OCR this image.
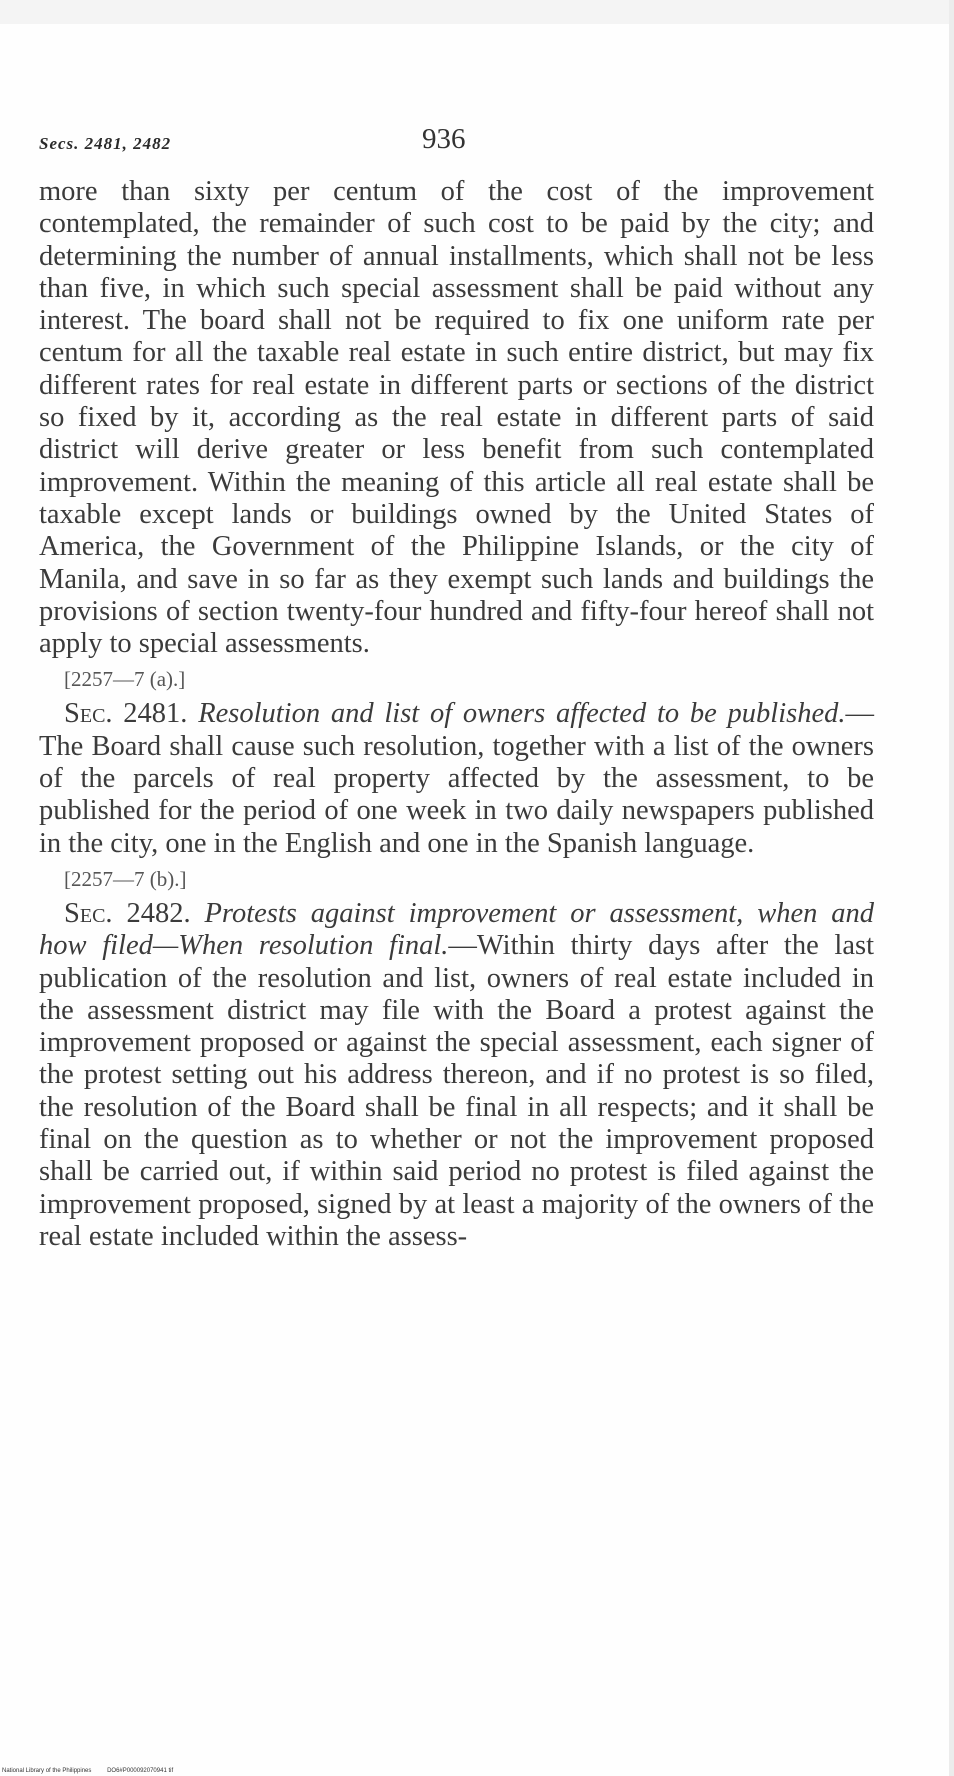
Secs. 2481, 2482	936

more than sixty per centum of the cost of the improvement contemplated, the remainder of such cost to be paid by the city; and determining the number of annual installments, which shall not be less than five, in which such special assessment shall be paid without any interest. The board shall not be required to fix one uniform rate per centum for all the taxable real estate in such entire district, but may fix different rates for real estate in different parts or sections of the district so fixed by it, according as the real estate in different parts of said district will derive greater or less benefit from such contemplated improvement. Within the meaning of this article all real estate shall be taxable except lands or buildings owned by the United States of America, the Government of the Philippine Islands, or the city of Manila, and save in so far as they exempt such lands and buildings the provisions of section twenty-four hundred and fifty-four hereof shall not apply to special assessments.

[2257—7 (a).]

Sec. 2481. Resolution and list of owners affected to be published.—The Board shall cause such resolution, together with a list of the owners of the parcels of real property affected by the assessment, to be published for the period of one week in two daily newspapers published in the city, one in the English and one in the Spanish language.

[2257—7 (b).]

Sec. 2482. Protests against improvement or assessment, when and how filed—When resolution final.—Within thirty days after the last publication of the resolution and list, owners of real estate included in the assessment district may file with the Board a protest against the improvement proposed or against the special assessment, each signer of the protest setting out his address thereon, and if no protest is so filed, the resolution of the Board shall be final in all respects; and it shall be final on the question as to whether or not the improvement proposed shall be carried out, if within said period no protest is filed against the improvement proposed, signed by at least a majority of the owners of the real estate included within the assess-

National Library of the Philippines	DO6#P000092070941 tif
